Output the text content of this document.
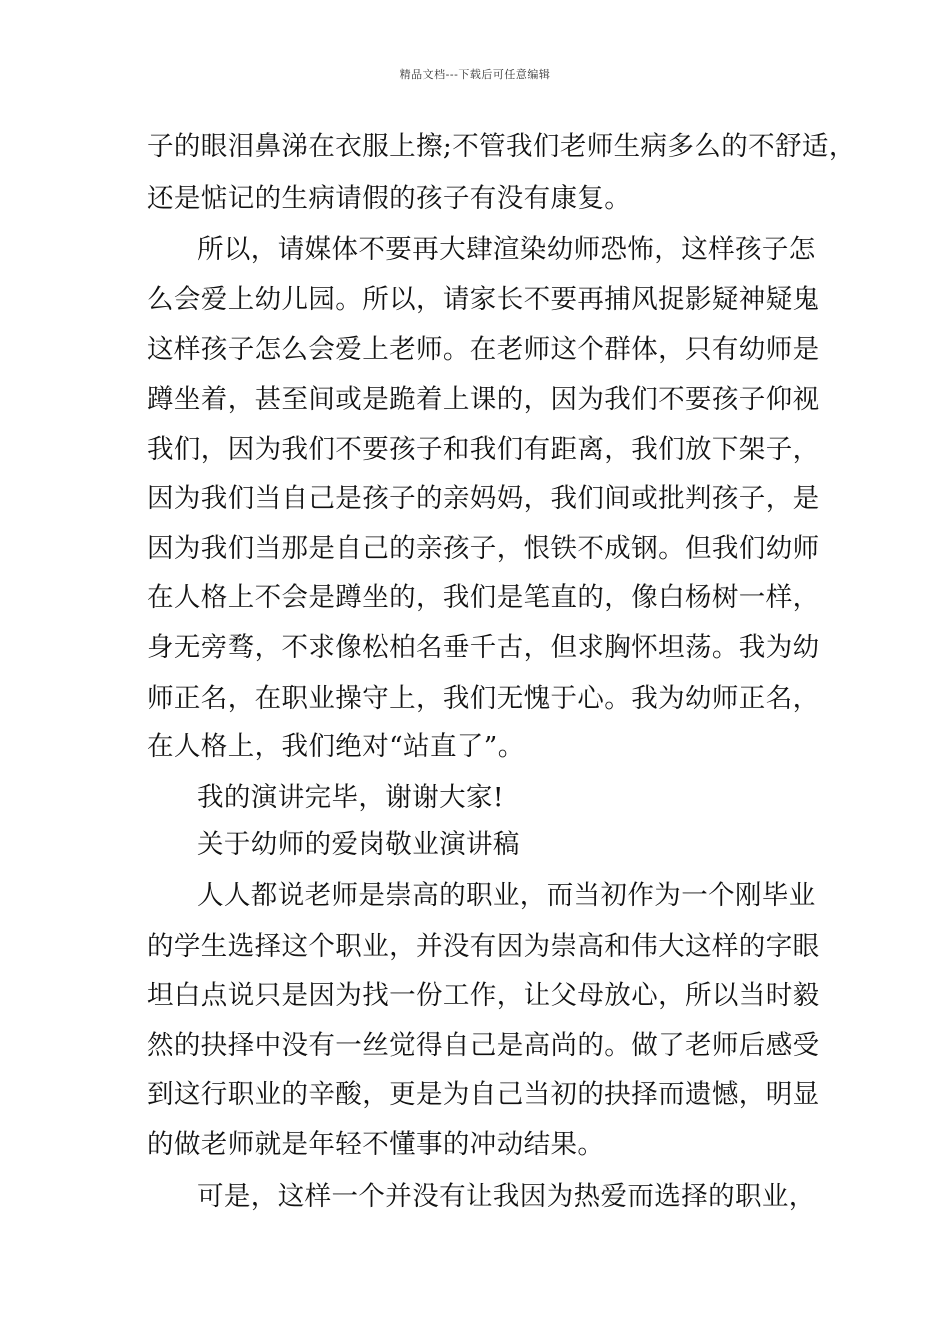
精品文档---下载后可任意编辑
子的眼泪鼻涕在衣服上擦;不管我们老师生病多么的不舒适，
还是惦记的生病请假的孩子有没有康复。
所以，请媒体不要再大肆渲染幼师恐怖，这样孩子怎
么会爱上幼儿园。所以，请家长不要再捕风捉影疑神疑鬼
这样孩子怎么会爱上老师。在老师这个群体，只有幼师是
蹲坐着，甚至间或是跪着上课的，因为我们不要孩子仰视
我们，因为我们不要孩子和我们有距离，我们放下架子，
因为我们当自己是孩子的亲妈妈，我们间或批判孩子，是
因为我们当那是自己的亲孩子，恨铁不成钢。但我们幼师
在人格上不会是蹲坐的，我们是笔直的，像白杨树一样，
身无旁骛，不求像松柏名垂千古，但求胸怀坦荡。我为幼
师正名，在职业操守上，我们无愧于心。我为幼师正名，
在人格上，我们绝对“站直了”。
我的演讲完毕，谢谢大家!
关于幼师的爱岗敬业演讲稿
人人都说老师是崇高的职业，而当初作为一个刚毕业
的学生选择这个职业，并没有因为崇高和伟大这样的字眼
坦白点说只是因为找一份工作，让父母放心，所以当时毅
然的抉择中没有一丝觉得自己是高尚的。做了老师后感受
到这行职业的辛酸，更是为自己当初的抉择而遗憾，明显
的做老师就是年轻不懂事的冲动结果。
可是，这样一个并没有让我因为热爱而选择的职业，
